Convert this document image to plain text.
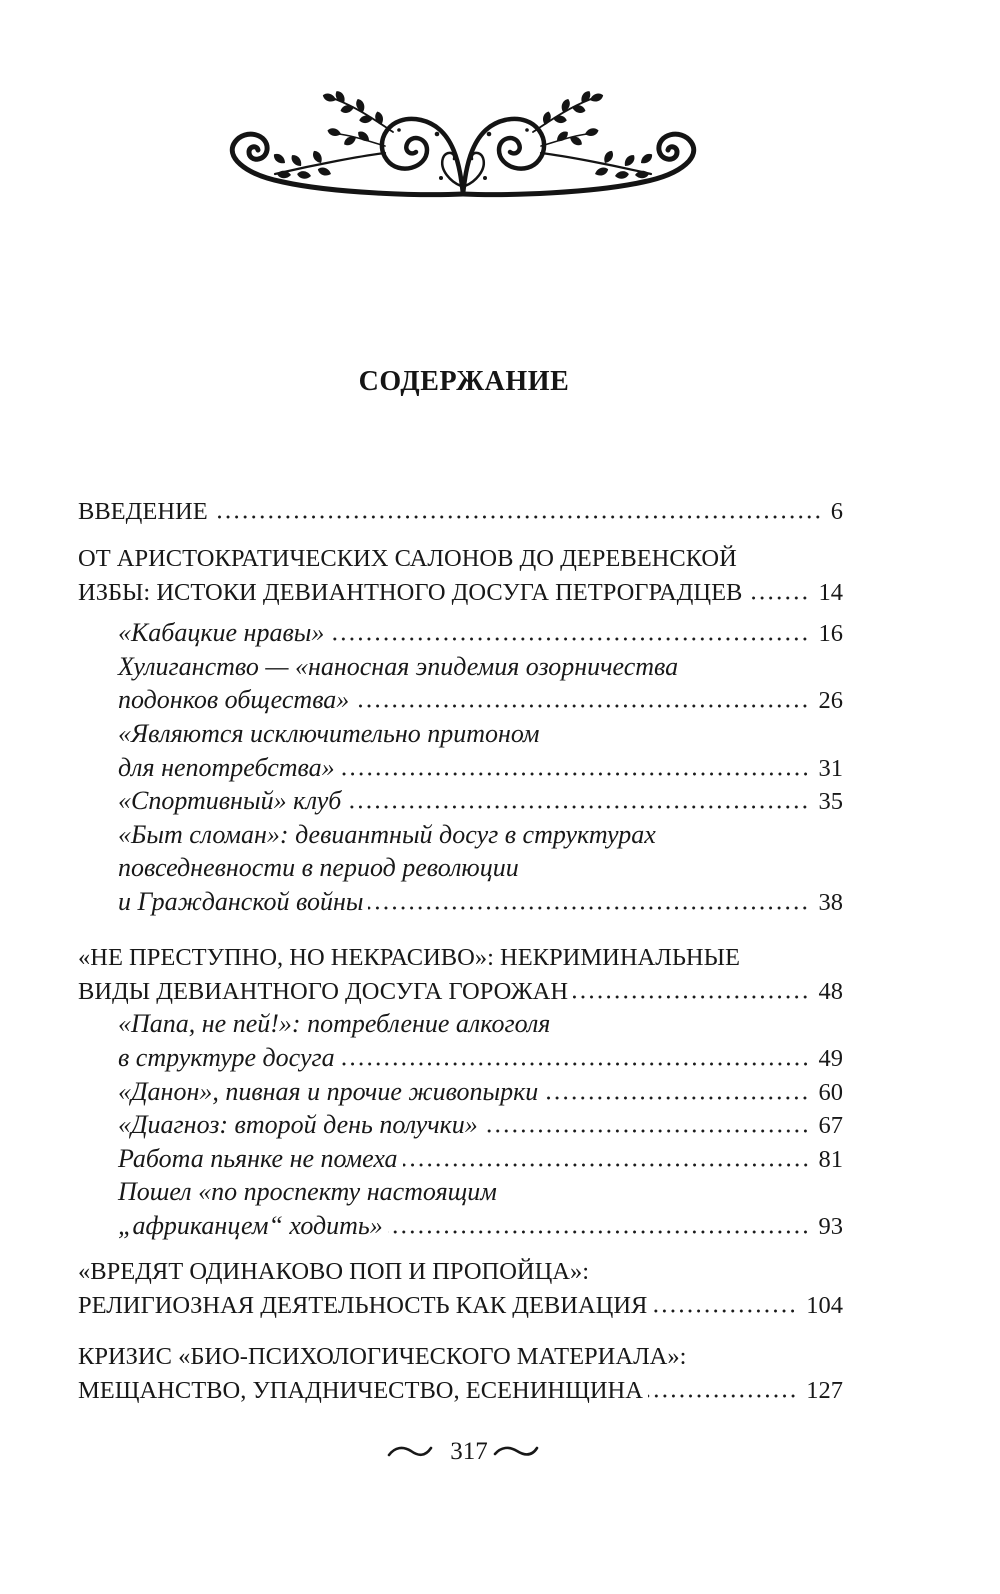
СОДЕРЖАНИЕ
ВВЕДЕНИЕ	6
ОТ АРИСТОКРАТИЧЕСКИХ САЛОНОВ ДО ДЕРЕВЕНСКОЙ
ИЗБЫ: ИСТОКИ ДЕВИАНТНОГО ДОСУГА ПЕТРОГРАДЦЕВ	14
«Кабацкие нравы»	16
Хулиганство — «наносная эпидемия озорничества
подонков общества»	26
«Являются исключительно притоном
для непотребства»	31
«Спортивный» клуб	35
«Быт сломан»: девиантный досуг в структурах
повседневности в период революции
и Гражданской войны	38
«НЕ ПРЕСТУПНО, НО НЕКРАСИВО»: НЕКРИМИНАЛЬНЫЕ
ВИДЫ ДЕВИАНТНОГО ДОСУГА ГОРОЖАН	48
«Папа, не пей!»: потребление алкоголя
в структуре досуга	49
«Данон», пивная и прочие живопырки	60
«Диагноз: второй день получки»	67
Работа пьянке не помеха	81
Пошел «по проспекту настоящим
„африканцем“ ходить»	93
«ВРЕДЯТ ОДИНАКОВО ПОП И ПРОПОЙЦА»:
РЕЛИГИОЗНАЯ ДЕЯТЕЛЬНОСТЬ КАК ДЕВИАЦИЯ	104
КРИЗИС «БИО-ПСИХОЛОГИЧЕСКОГО МАТЕРИАЛА»:
МЕЩАНСТВО, УПАДНИЧЕСТВО, ЕСЕНИНЩИНА	127
317
